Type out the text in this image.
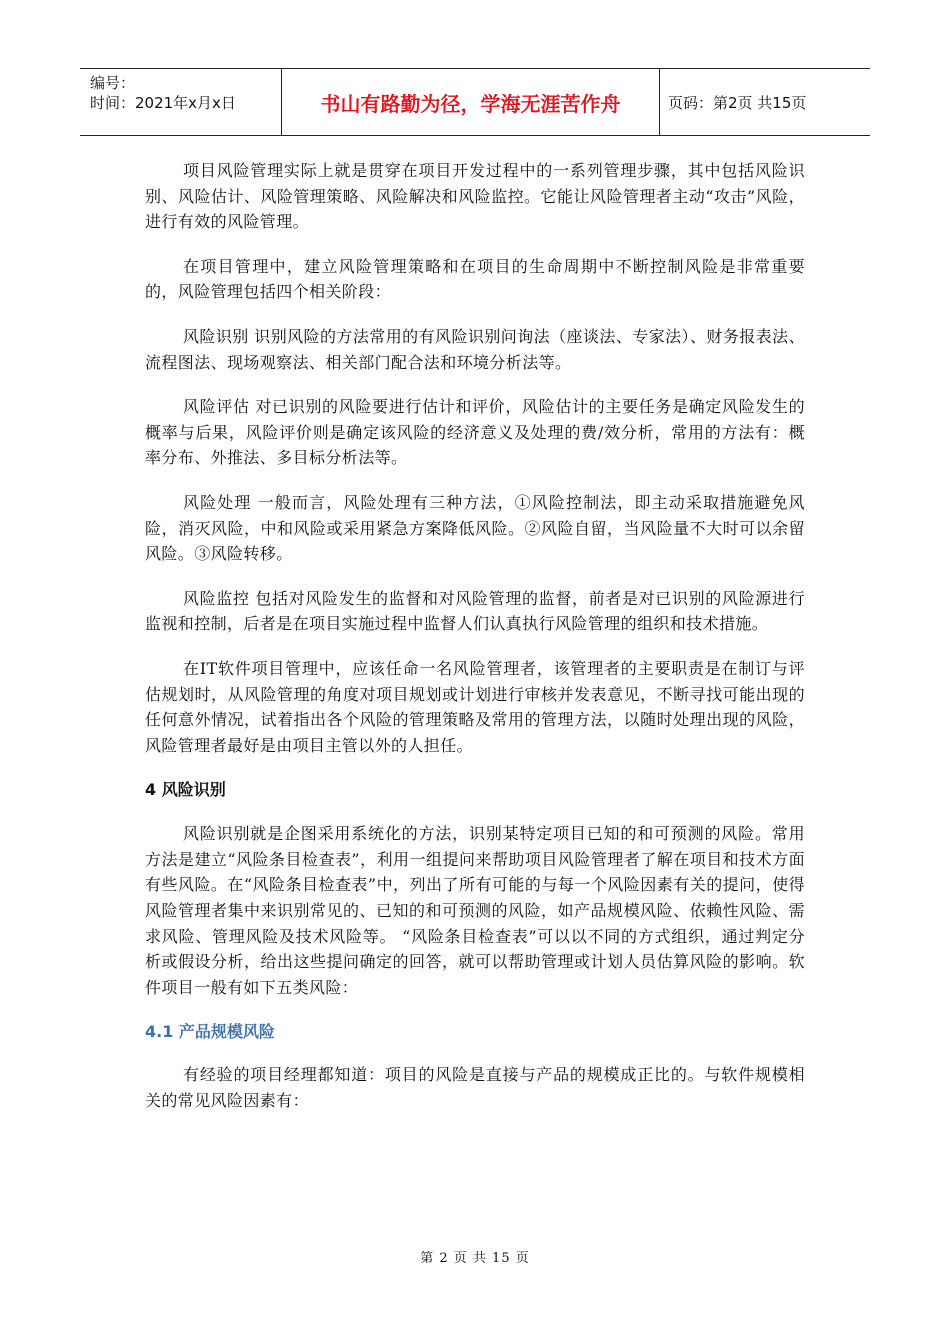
编号：
时间：2021年x月x日	书山有路勤为径，学海无涯苦作舟	页码：第2页 共15页

项目风险管理实际上就是贯穿在项目开发过程中的一系列管理步骤，其中包括风险识别、风险估计、风险管理策略、风险解决和风险监控。它能让风险管理者主动“攻击”风险，进行有效的风险管理。

在项目管理中，建立风险管理策略和在项目的生命周期中不断控制风险是非常重要的，风险管理包括四个相关阶段：

风险识别 识别风险的方法常用的有风险识别问询法（座谈法、专家法）、财务报表法、流程图法、现场观察法、相关部门配合法和环境分析法等。

风险评估 对已识别的风险要进行估计和评价，风险估计的主要任务是确定风险发生的概率与后果，风险评价则是确定该风险的经济意义及处理的费/效分析，常用的方法有：概率分布、外推法、多目标分析法等。

风险处理 一般而言，风险处理有三种方法，①风险控制法，即主动采取措施避免风险，消灭风险，中和风险或采用紧急方案降低风险。②风险自留，当风险量不大时可以余留风险。③风险转移。

风险监控 包括对风险发生的监督和对风险管理的监督，前者是对已识别的风险源进行监视和控制，后者是在项目实施过程中监督人们认真执行风险管理的组织和技术措施。

在IT软件项目管理中，应该任命一名风险管理者，该管理者的主要职责是在制订与评估规划时，从风险管理的角度对项目规划或计划进行审核并发表意见，不断寻找可能出现的任何意外情况，试着指出各个风险的管理策略及常用的管理方法，以随时处理出现的风险，风险管理者最好是由项目主管以外的人担任。

4 风险识别

风险识别就是企图采用系统化的方法，识别某特定项目已知的和可预测的风险。常用方法是建立“风险条目检查表”，利用一组提问来帮助项目风险管理者了解在项目和技术方面有些风险。在“风险条目检查表”中，列出了所有可能的与每一个风险因素有关的提问，使得风险管理者集中来识别常见的、已知的和可预测的风险，如产品规模风险、依赖性风险、需求风险、管理风险及技术风险等。 “风险条目检查表”可以以不同的方式组织，通过判定分析或假设分析，给出这些提问确定的回答，就可以帮助管理或计划人员估算风险的影响。软件项目一般有如下五类风险：

4.1 产品规模风险

有经验的项目经理都知道：项目的风险是直接与产品的规模成正比的。与软件规模相关的常见风险因素有：

第 2 页 共 15 页
